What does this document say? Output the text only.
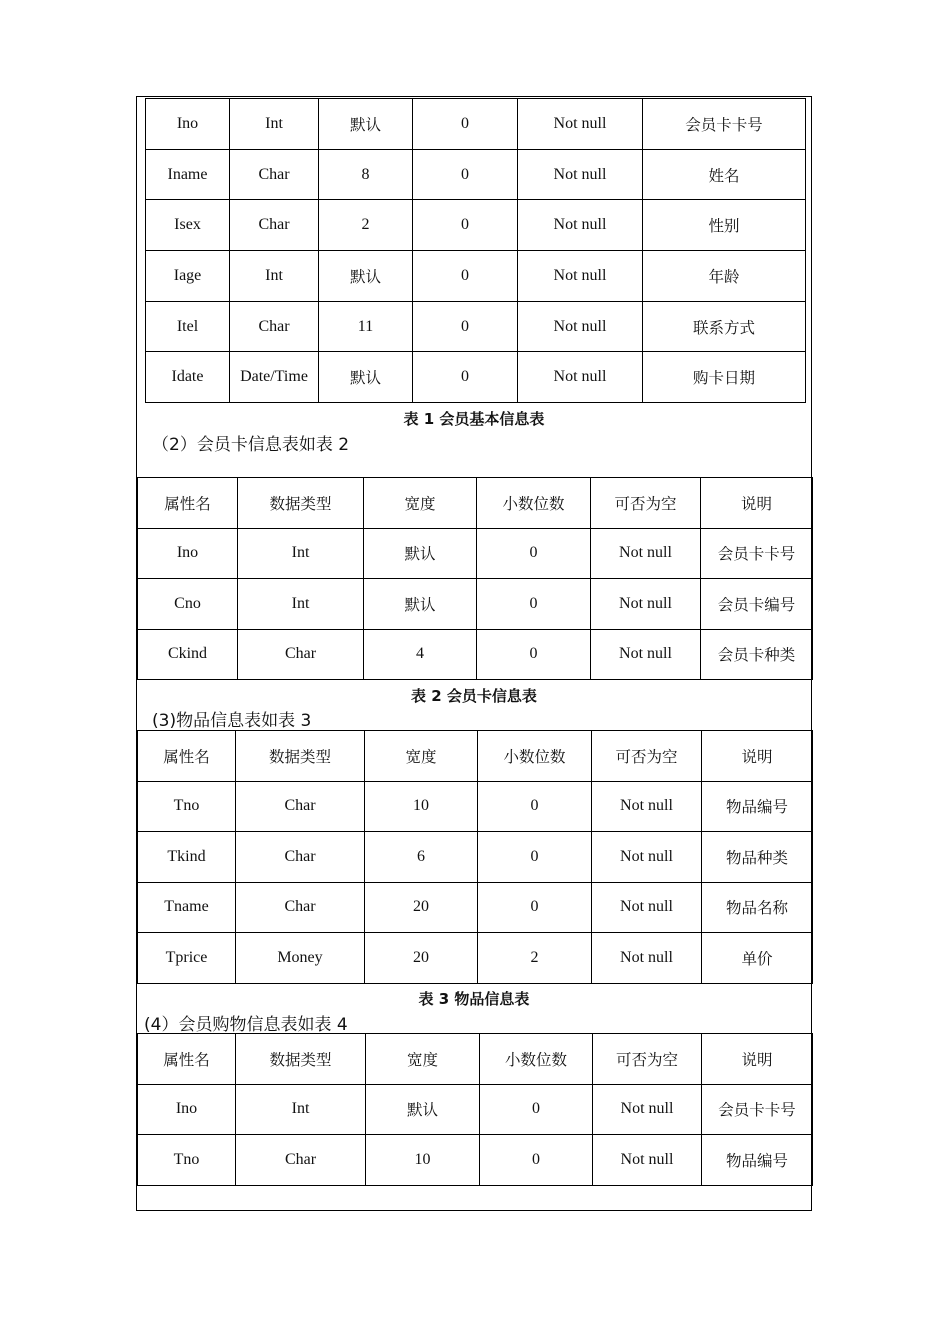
Ino	Int	默认	0	Not null	会员卡卡号
Iname	Char	8	0	Not null	姓名
Isex	Char	2	0	Not null	性别
Iage	Int	默认	0	Not null	年龄
Itel	Char	11	0	Not null	联系方式
Idate	Date/Time	默认	0	Not null	购卡日期
表 1 会员基本信息表
（2）会员卡信息表如表 2
属性名	数据类型	宽度	小数位数	可否为空	说明
Ino	Int	默认	0	Not null	会员卡卡号
Cno	Int	默认	0	Not null	会员卡编号
Ckind	Char	4	0	Not null	会员卡种类
表 2 会员卡信息表
(3)物品信息表如表 3
属性名	数据类型	宽度	小数位数	可否为空	说明
Tno	Char	10	0	Not null	物品编号
Tkind	Char	6	0	Not null	物品种类
Tname	Char	20	0	Not null	物品名称
Tprice	Money	20	2	Not null	单价
表 3 物品信息表
(4）会员购物信息表如表 4
属性名	数据类型	宽度	小数位数	可否为空	说明
Ino	Int	默认	0	Not null	会员卡卡号
Tno	Char	10	0	Not null	物品编号
